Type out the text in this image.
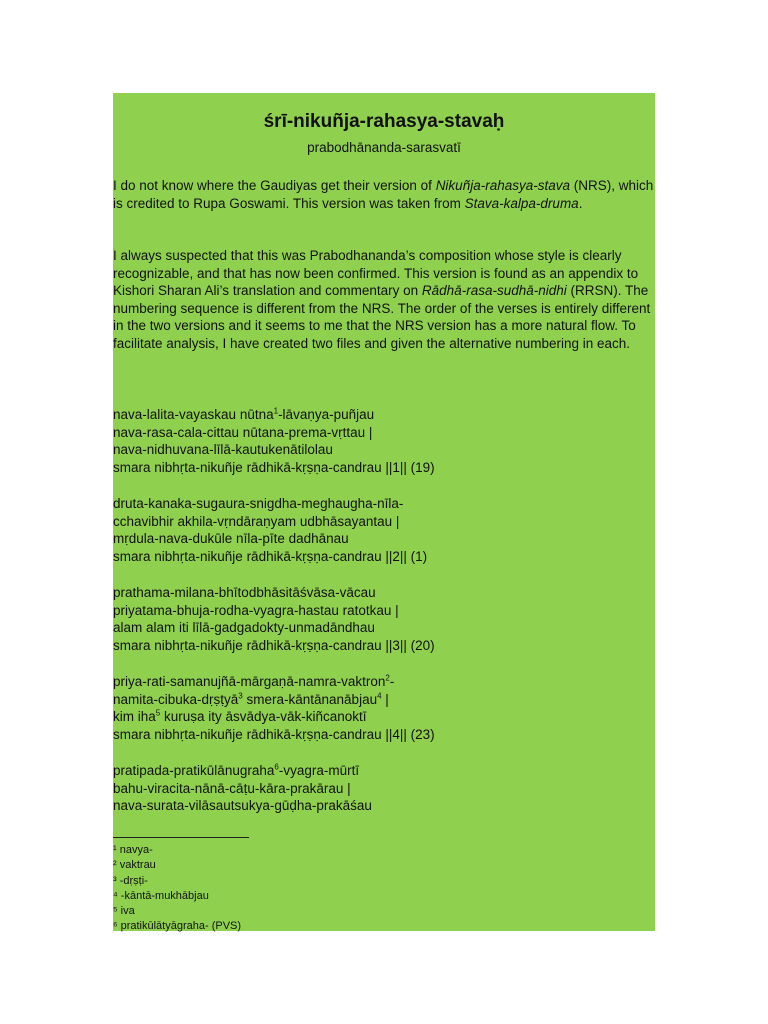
śrī-nikuñja-rahasya-stavaḥ
prabodhānanda-sarasvatī
I do not know where the Gaudiyas get their version of Nikuñja-rahasya-stava (NRS), which is credited to Rupa Goswami. This version was taken from Stava-kalpa-druma.
I always suspected that this was Prabodhananda’s composition whose style is clearly recognizable, and that has now been confirmed. This version is found as an appendix to Kishori Sharan Ali’s translation and commentary on Rādhā-rasa-sudhā-nidhi (RRSN). The numbering sequence is different from the NRS. The order of the verses is entirely different in the two versions and it seems to me that the NRS version has a more natural flow. To facilitate analysis, I have created two files and given the alternative numbering in each.
nava-lalita-vayaskau nūtna$^1$-lāvaṇya-puñjau
nava-rasa-cala-cittau nūtana-prema-vṛttau |
nava-nidhuvana-līlā-kautukenātilolau
smara nibhṛta-nikuñje rādhikā-kṛṣṇa-candrau ||1|| (19)
druta-kanaka-sugaura-snigdha-meghaugha-nīla-
cchavibhir akhila-vṛndāraṇyam udbhāsayantau |
mṛdula-nava-dukūle nīla-pīte dadhānau
smara nibhṛta-nikuñje rādhikā-kṛṣṇa-candrau ||2|| (1)
prathama-milana-bhītodbhāsitāśvāsa-vācau
priyatama-bhuja-rodha-vyagra-hastau ratotkau |
alam alam iti līlā-gadgadokty-unmadāndhau
smara nibhṛta-nikuñje rādhikā-kṛṣṇa-candrau ||3|| (20)
priya-rati-samanujñā-mārgaṇā-namra-vaktron$^2$-
namita-cibuka-dṛṣṭyā$^3$ smera-kāntānanābjau$^4$ |
kim iha$^5$ kuruṣa ity āsvādya-vāk-kiñcanoktī
smara nibhṛta-nikuñje rādhikā-kṛṣṇa-candrau ||4|| (23)
pratipada-pratikūlānugraha$^6$-vyagra-mūrtī
bahu-viracita-nānā-cāṭu-kāra-prakārau |
nava-surata-vilāsautsukya-gūḍha-prakāśau
¹ navya-
² vaktrau
³ -dṛṣṭi-
⁴ -kāntā-mukhābjau
⁵ iva
⁶ pratikūlātyāgraha- (PVS)
